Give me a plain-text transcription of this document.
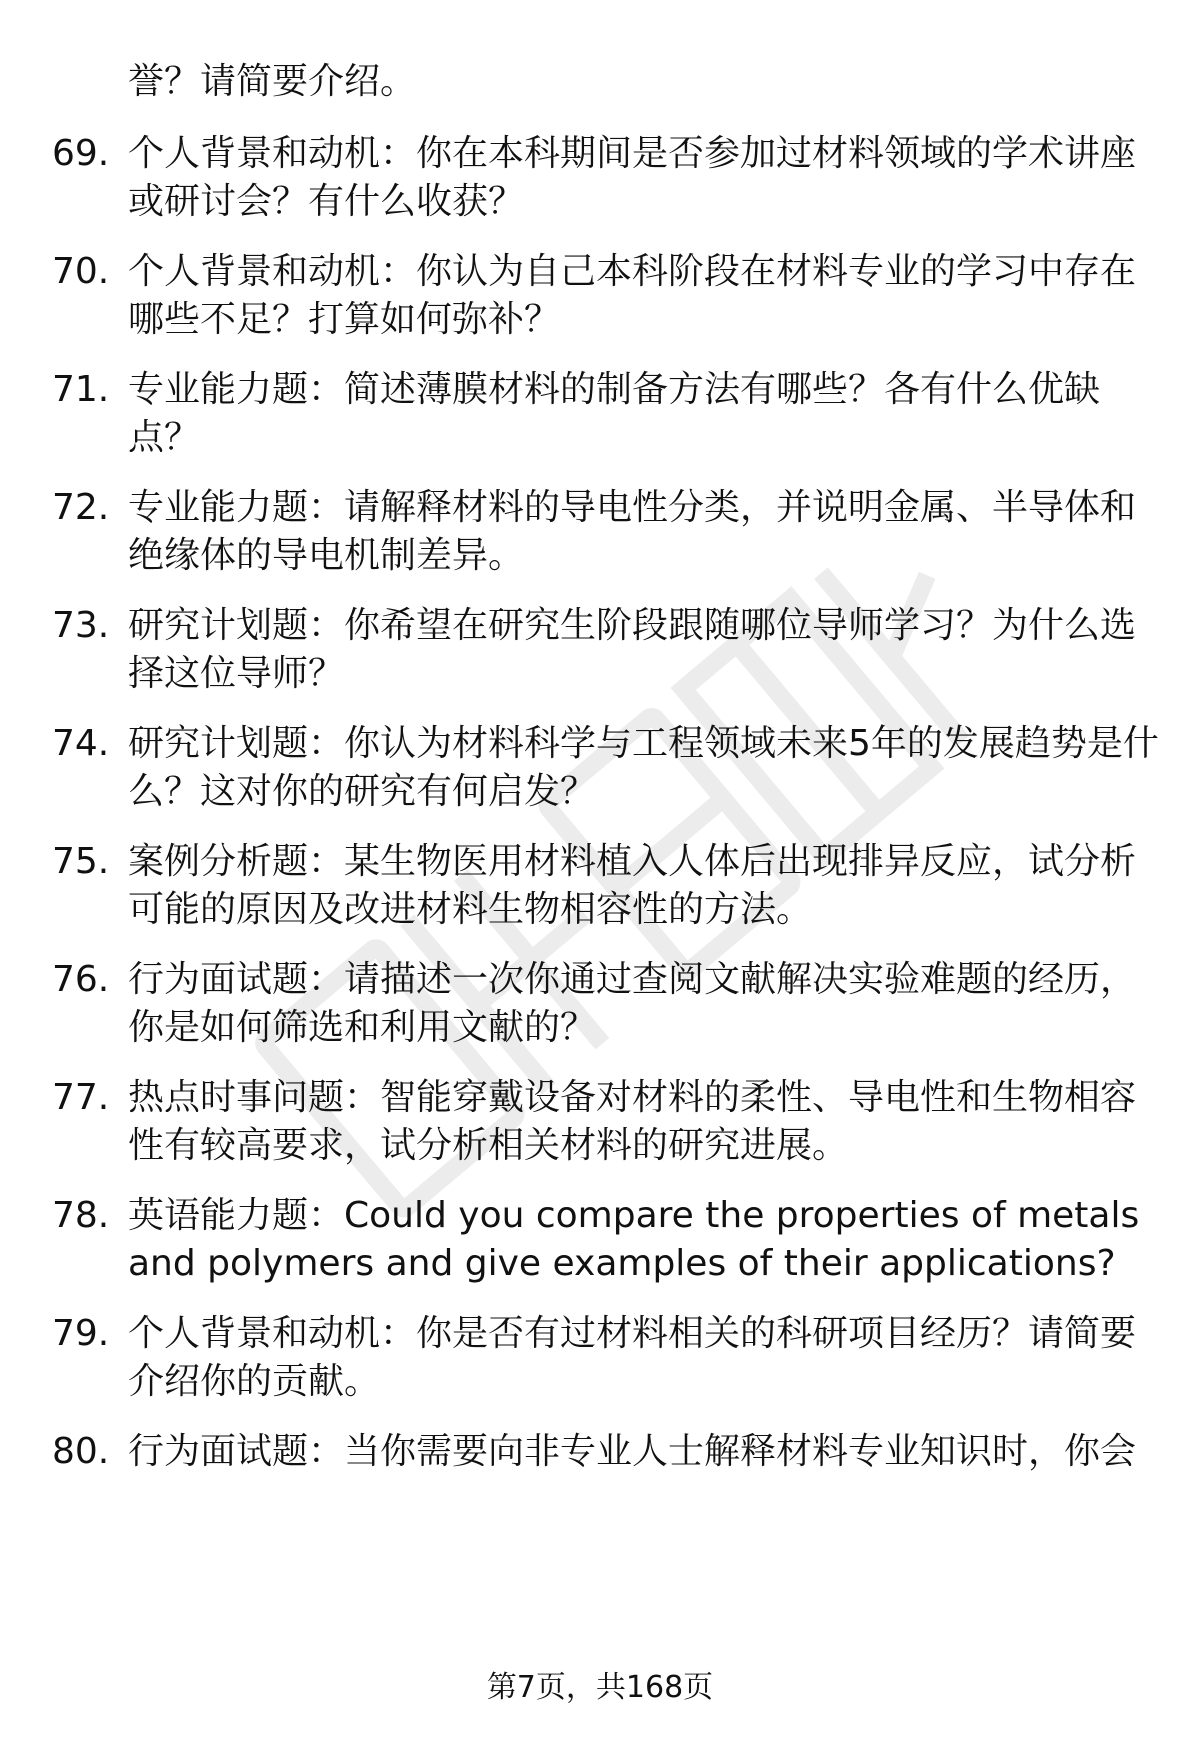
誉？请简要介绍。
69. 个人背景和动机：你在本科期间是否参加过材料领域的学术讲座
或研讨会？有什么收获？
70. 个人背景和动机：你认为自己本科阶段在材料专业的学习中存在
哪些不足？打算如何弥补？
71. 专业能力题：简述薄膜材料的制备方法有哪些？各有什么优缺
点？
72. 专业能力题：请解释材料的导电性分类，并说明金属、半导体和
绝缘体的导电机制差异。
73. 研究计划题：你希望在研究生阶段跟随哪位导师学习？为什么选
择这位导师？
74. 研究计划题：你认为材料科学与工程领域未来5年的发展趋势是什
么？这对你的研究有何启发？
75. 案例分析题：某生物医用材料植入人体后出现排异反应，试分析
可能的原因及改进材料生物相容性的方法。
76. 行为面试题：请描述一次你通过查阅文献解决实验难题的经历，
你是如何筛选和利用文献的？
77. 热点时事问题：智能穿戴设备对材料的柔性、导电性和生物相容
性有较高要求，试分析相关材料的研究进展。
78. 英语能力题：Could you compare the properties of metals
and polymers and give examples of their applications?
79. 个人背景和动机：你是否有过材料相关的科研项目经历？请简要
介绍你的贡献。
80. 行为面试题：当你需要向非专业人士解释材料专业知识时，你会
第7页，共168页
